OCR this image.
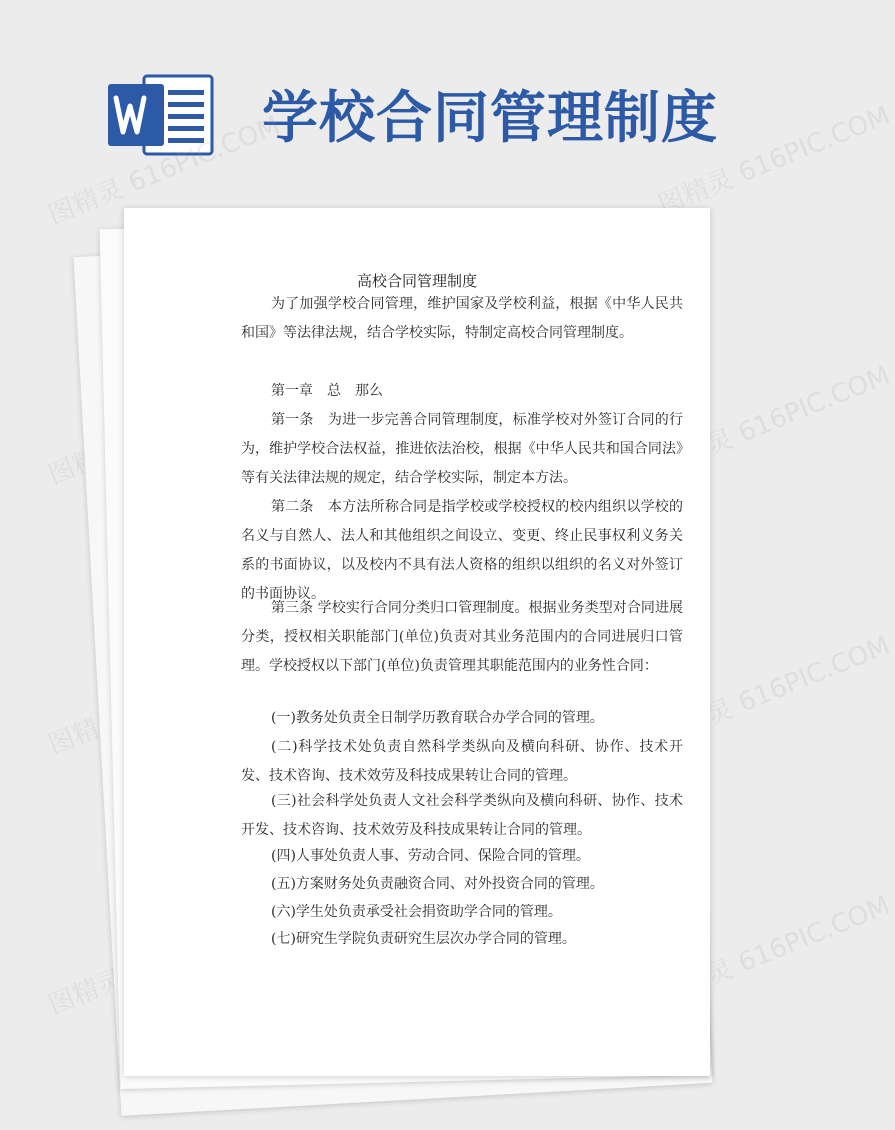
学校合同管理制度
图精灵 616PIC.COM	图精灵 616PIC.COM
图精灵 616PIC.COM
图精灵	图精灵 616PIC.COM
图精灵	图精灵 616PIC.COM
高校合同管理制度

为了加强学校合同管理，维护国家及学校利益，根据《中华人民共和国》等法律法规，结合学校实际，特制定高校合同管理制度。

第一章　总　那么

第一条　为进一步完善合同管理制度，标准学校对外签订合同的行为，维护学校合法权益，推进依法治校，根据《中华人民共和国合同法》等有关法律法规的规定，结合学校实际，制定本方法。

第二条　本方法所称合同是指学校或学校授权的校内组织以学校的名义与自然人、法人和其他组织之间设立、变更、终止民事权利义务关系的书面协议，以及校内不具有法人资格的组织以组织的名义对外签订的书面协议。

第三条 学校实行合同分类归口管理制度。根据业务类型对合同进展分类，授权相关职能部门(单位)负责对其业务范围内的合同进展归口管理。学校授权以下部门(单位)负责管理其职能范围内的业务性合同：

(一)教务处负责全日制学历教育联合办学合同的管理。

(二)科学技术处负责自然科学类纵向及横向科研、协作、技术开发、技术咨询、技术效劳及科技成果转让合同的管理。

(三)社会科学处负责人文社会科学类纵向及横向科研、协作、技术开发、技术咨询、技术效劳及科技成果转让合同的管理。

(四)人事处负责人事、劳动合同、保险合同的管理。

(五)方案财务处负责融资合同、对外投资合同的管理。

(六)学生处负责承受社会捐资助学合同的管理。

(七)研究生学院负责研究生层次办学合同的管理。
